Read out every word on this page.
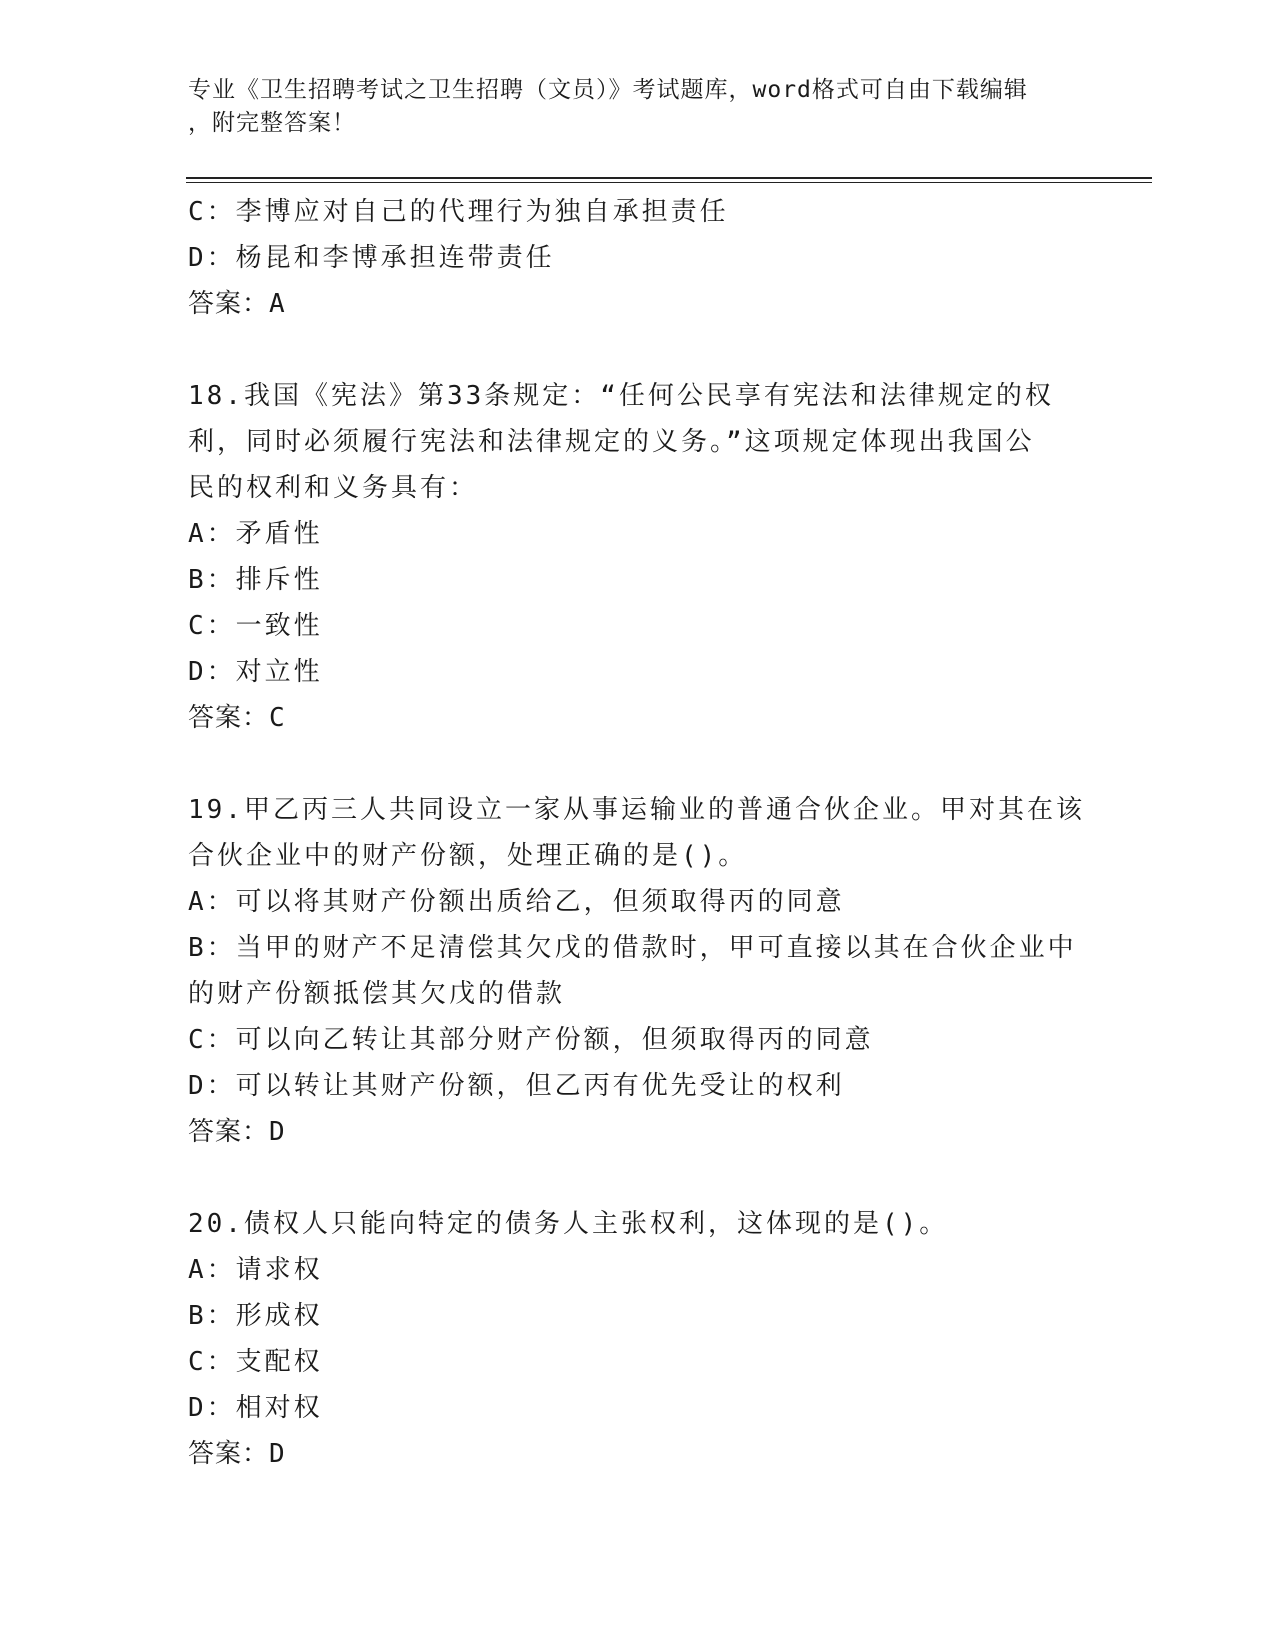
专业《卫生招聘考试之卫生招聘（文员）》考试题库，word格式可自由下载编辑
，附完整答案！
C：李博应对自己的代理行为独自承担责任
D：杨昆和李博承担连带责任
答案：A
18.我国《宪法》第33条规定：“任何公民享有宪法和法律规定的权
利，同时必须履行宪法和法律规定的义务。”这项规定体现出我国公
民的权利和义务具有：
A：矛盾性
B：排斥性
C：一致性
D：对立性
答案：C
19.甲乙丙三人共同设立一家从事运输业的普通合伙企业。甲对其在该
合伙企业中的财产份额，处理正确的是()。
A：可以将其财产份额出质给乙，但须取得丙的同意
B：当甲的财产不足清偿其欠戊的借款时，甲可直接以其在合伙企业中
的财产份额抵偿其欠戊的借款
C：可以向乙转让其部分财产份额，但须取得丙的同意
D：可以转让其财产份额，但乙丙有优先受让的权利
答案：D
20.债权人只能向特定的债务人主张权利，这体现的是()。
A：请求权
B：形成权
C：支配权
D：相对权
答案：D
